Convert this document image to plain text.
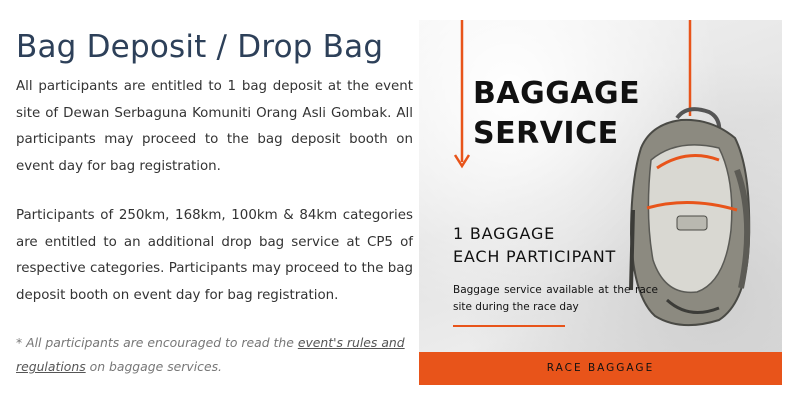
Bag Deposit / Drop Bag
All participants are entitled to 1 bag deposit at the event site of Dewan Serbaguna Komuniti Orang Asli Gombak. All participants may proceed to the bag deposit booth on event day for bag registration.
Participants of 250km, 168km, 100km & 84km categories are entitled to an additional drop bag service at CP5 of respective categories. Participants may proceed to the bag deposit booth on event day for bag registration.
* All participants are encouraged to read the event's rules and regulations on baggage services.
BAGGAGE
SERVICE
1 BAGGAGE
EACH PARTICIPANT
Baggage service available at the race site during the race day
RACE BAGGAGE
